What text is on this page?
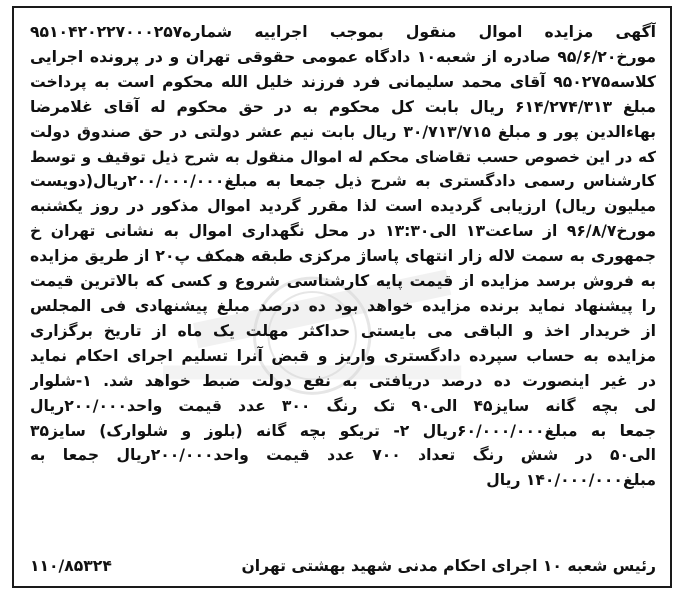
آگهی مزایده اموال منقول بموجب اجراییه شماره۹۵۱۰۴۲۰۲۲۷۰۰۰۲۵۷
مورخ۹۵/۶/۲۰ صادره از شعبه۱۰ دادگاه عمومی حقوقی تهران و در پرونده اجرایی
کلاسه۹۵۰۲۷۵ آقای محمد سلیمانی فرد فرزند خلیل الله محکوم است به پرداخت
مبلغ ۶۱۴/۲۷۴/۳۱۳ ریال بابت کل محکوم به در حق محکوم له آقای غلامرضا
بهاءالدین پور و مبلغ ۳۰/۷۱۳/۷۱۵ ریال بابت نیم عشر دولتی در حق صندوق دولت
که در این خصوص حسب تقاضای محکم له اموال منقول به شرح ذیل توقیف و توسط
کارشناس رسمی دادگستری به شرح ذیل جمعا به مبلغ۲۰۰/۰۰۰/۰۰۰ریال(دویست
میلیون ریال) ارزیابی گردیده است لذا مقرر گردید اموال مذکور در روز یکشنبه
مورخ۹۶/۸/۷ از ساعت۱۳ الی۱۳:۳۰ در محل نگهداری اموال به نشانی تهران خ
جمهوری به سمت لاله زار انتهای پاساژ مرکزی طبقه همکف پ۲۰ از طریق مزایده
به فروش برسد مزایده از قیمت پایه کارشناسی شروع و کسی که بالاترین قیمت
را پیشنهاد نماید برنده مزایده خواهد بود ده درصد مبلغ پیشنهادی فی المجلس
از خریدار اخذ و الباقی می بایستی حداکثر مهلت یک ماه از تاریخ برگزاری
مزایده به حساب سپرده دادگستری واریز و قبض آنرا تسلیم اجرای احکام نماید
در غیر اینصورت ده درصد دریافتی به نفع دولت ضبط خواهد شد. ۱-شلوار
لی بچه گانه سایز۴۵ الی۹۰ تک رنگ ۳۰۰ عدد قیمت واحد۲۰۰/۰۰۰ریال
جمعا به مبلغ۶۰/۰۰۰/۰۰۰ریال ۲- تریکو بچه گانه (بلوز و شلوارک) سایز۳۵
الی۵۰ در شش رنگ تعداد ۷۰۰ عدد قیمت واحد۲۰۰/۰۰۰ریال جمعا به
مبلغ۱۴۰/۰۰۰/۰۰۰ ریال
رئیس شعبه ۱۰ اجرای احکام مدنی شهید بهشتی تهران
۱۱۰/۸۵۳۲۴
